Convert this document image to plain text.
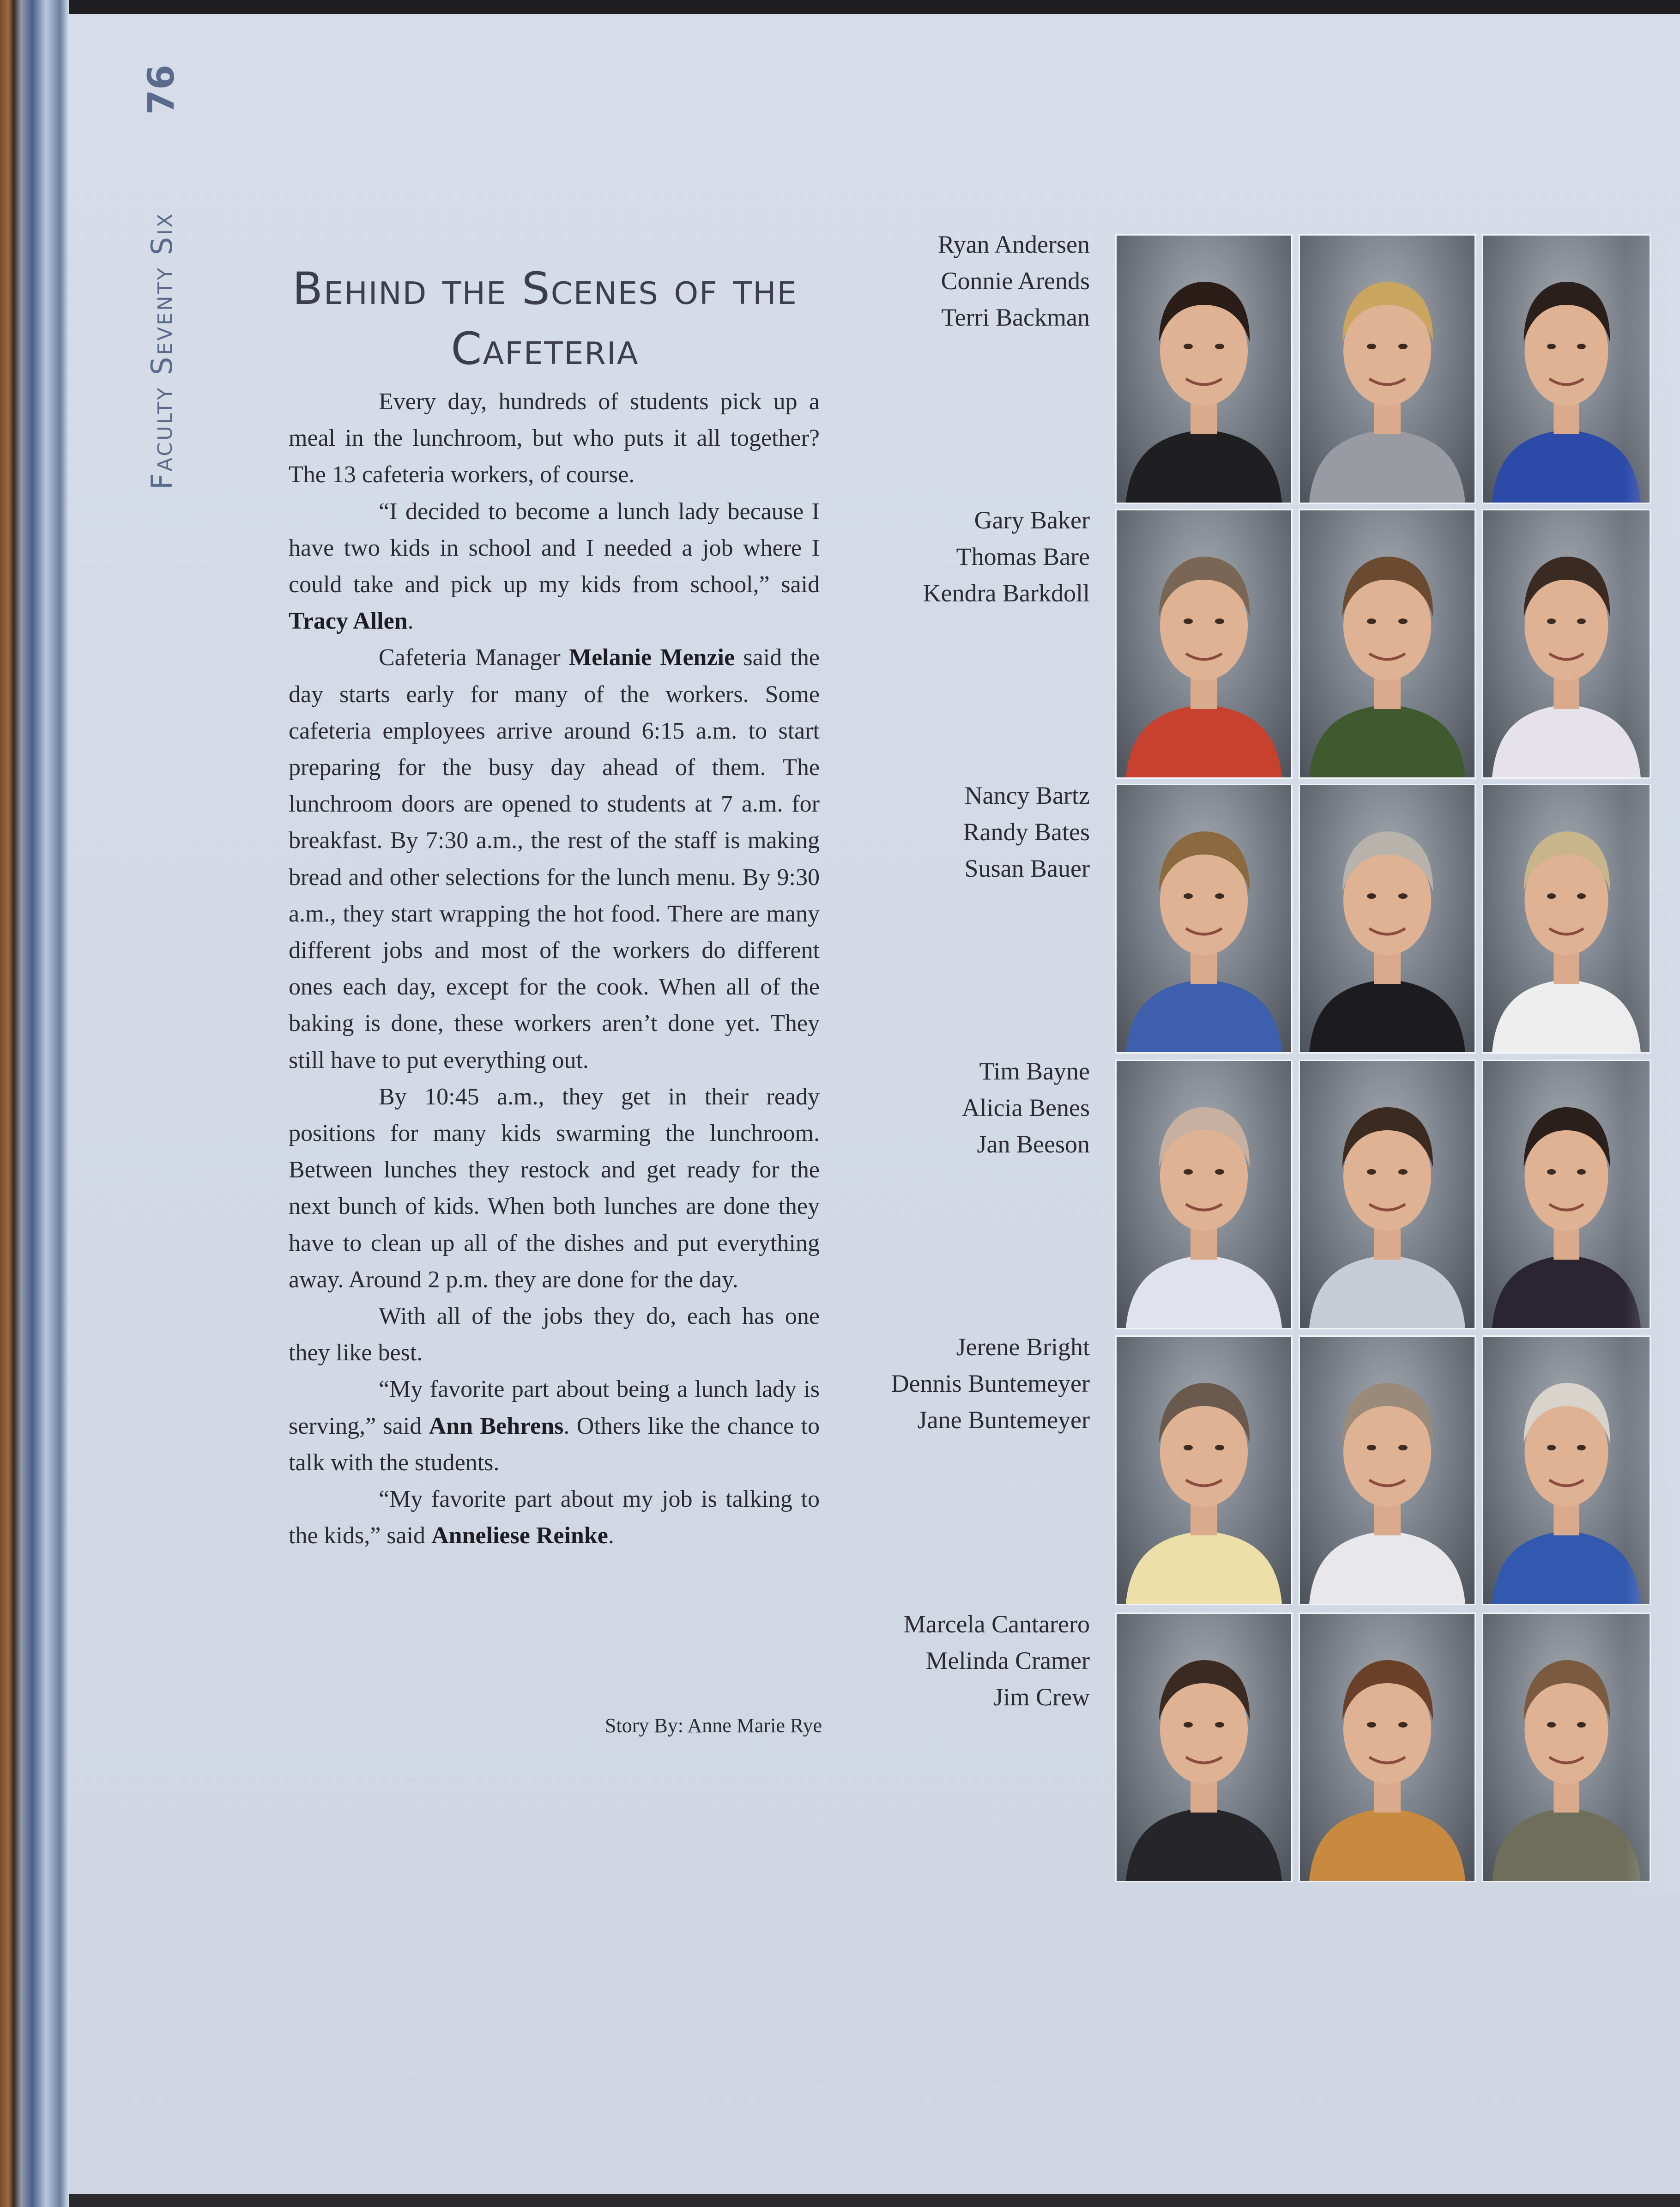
Faculty Seventy Six
76
Behind the Scenes of the Cafeteria

Every day, hundreds of students pick up a meal in the lunchroom, but who puts it all together? The 13 cafeteria workers, of course.

“I decided to become a lunch lady because I have two kids in school and I needed a job where I could take and pick up my kids from school,” said Tracy Allen.

Cafeteria Manager Melanie Menzie said the day starts early for many of the workers. Some cafeteria employees arrive around 6:15 a.m. to start preparing for the busy day ahead of them. The lunchroom doors are opened to students at 7 a.m. for breakfast. By 7:30 a.m., the rest of the staff is making bread and other selections for the lunch menu. By 9:30 a.m., they start wrapping the hot food. There are many different jobs and most of the workers do different ones each day, except for the cook. When all of the baking is done, these workers aren’t done yet. They still have to put everything out.

By 10:45 a.m., they get in their ready positions for many kids swarming the lunchroom. Between lunches they restock and get ready for the next bunch of kids. When both lunches are done they have to clean up all of the dishes and put everything away. Around 2 p.m. they are done for the day.

With all of the jobs they do, each has one they like best.

“My favorite part about being a lunch lady is serving,” said Ann Behrens. Others like the chance to talk with the students.

“My favorite part about my job is talking to the kids,” said Anneliese Reinke.

Story By: Anne Marie Rye
Ryan Andersen
Connie Arends
Terri Backman
Gary Baker
Thomas Bare
Kendra Barkdoll
Nancy Bartz
Randy Bates
Susan Bauer
Tim Bayne
Alicia Benes
Jan Beeson
Jerene Bright
Dennis Buntemeyer
Jane Buntemeyer
Marcela Cantarero
Melinda Cramer
Jim Crew
